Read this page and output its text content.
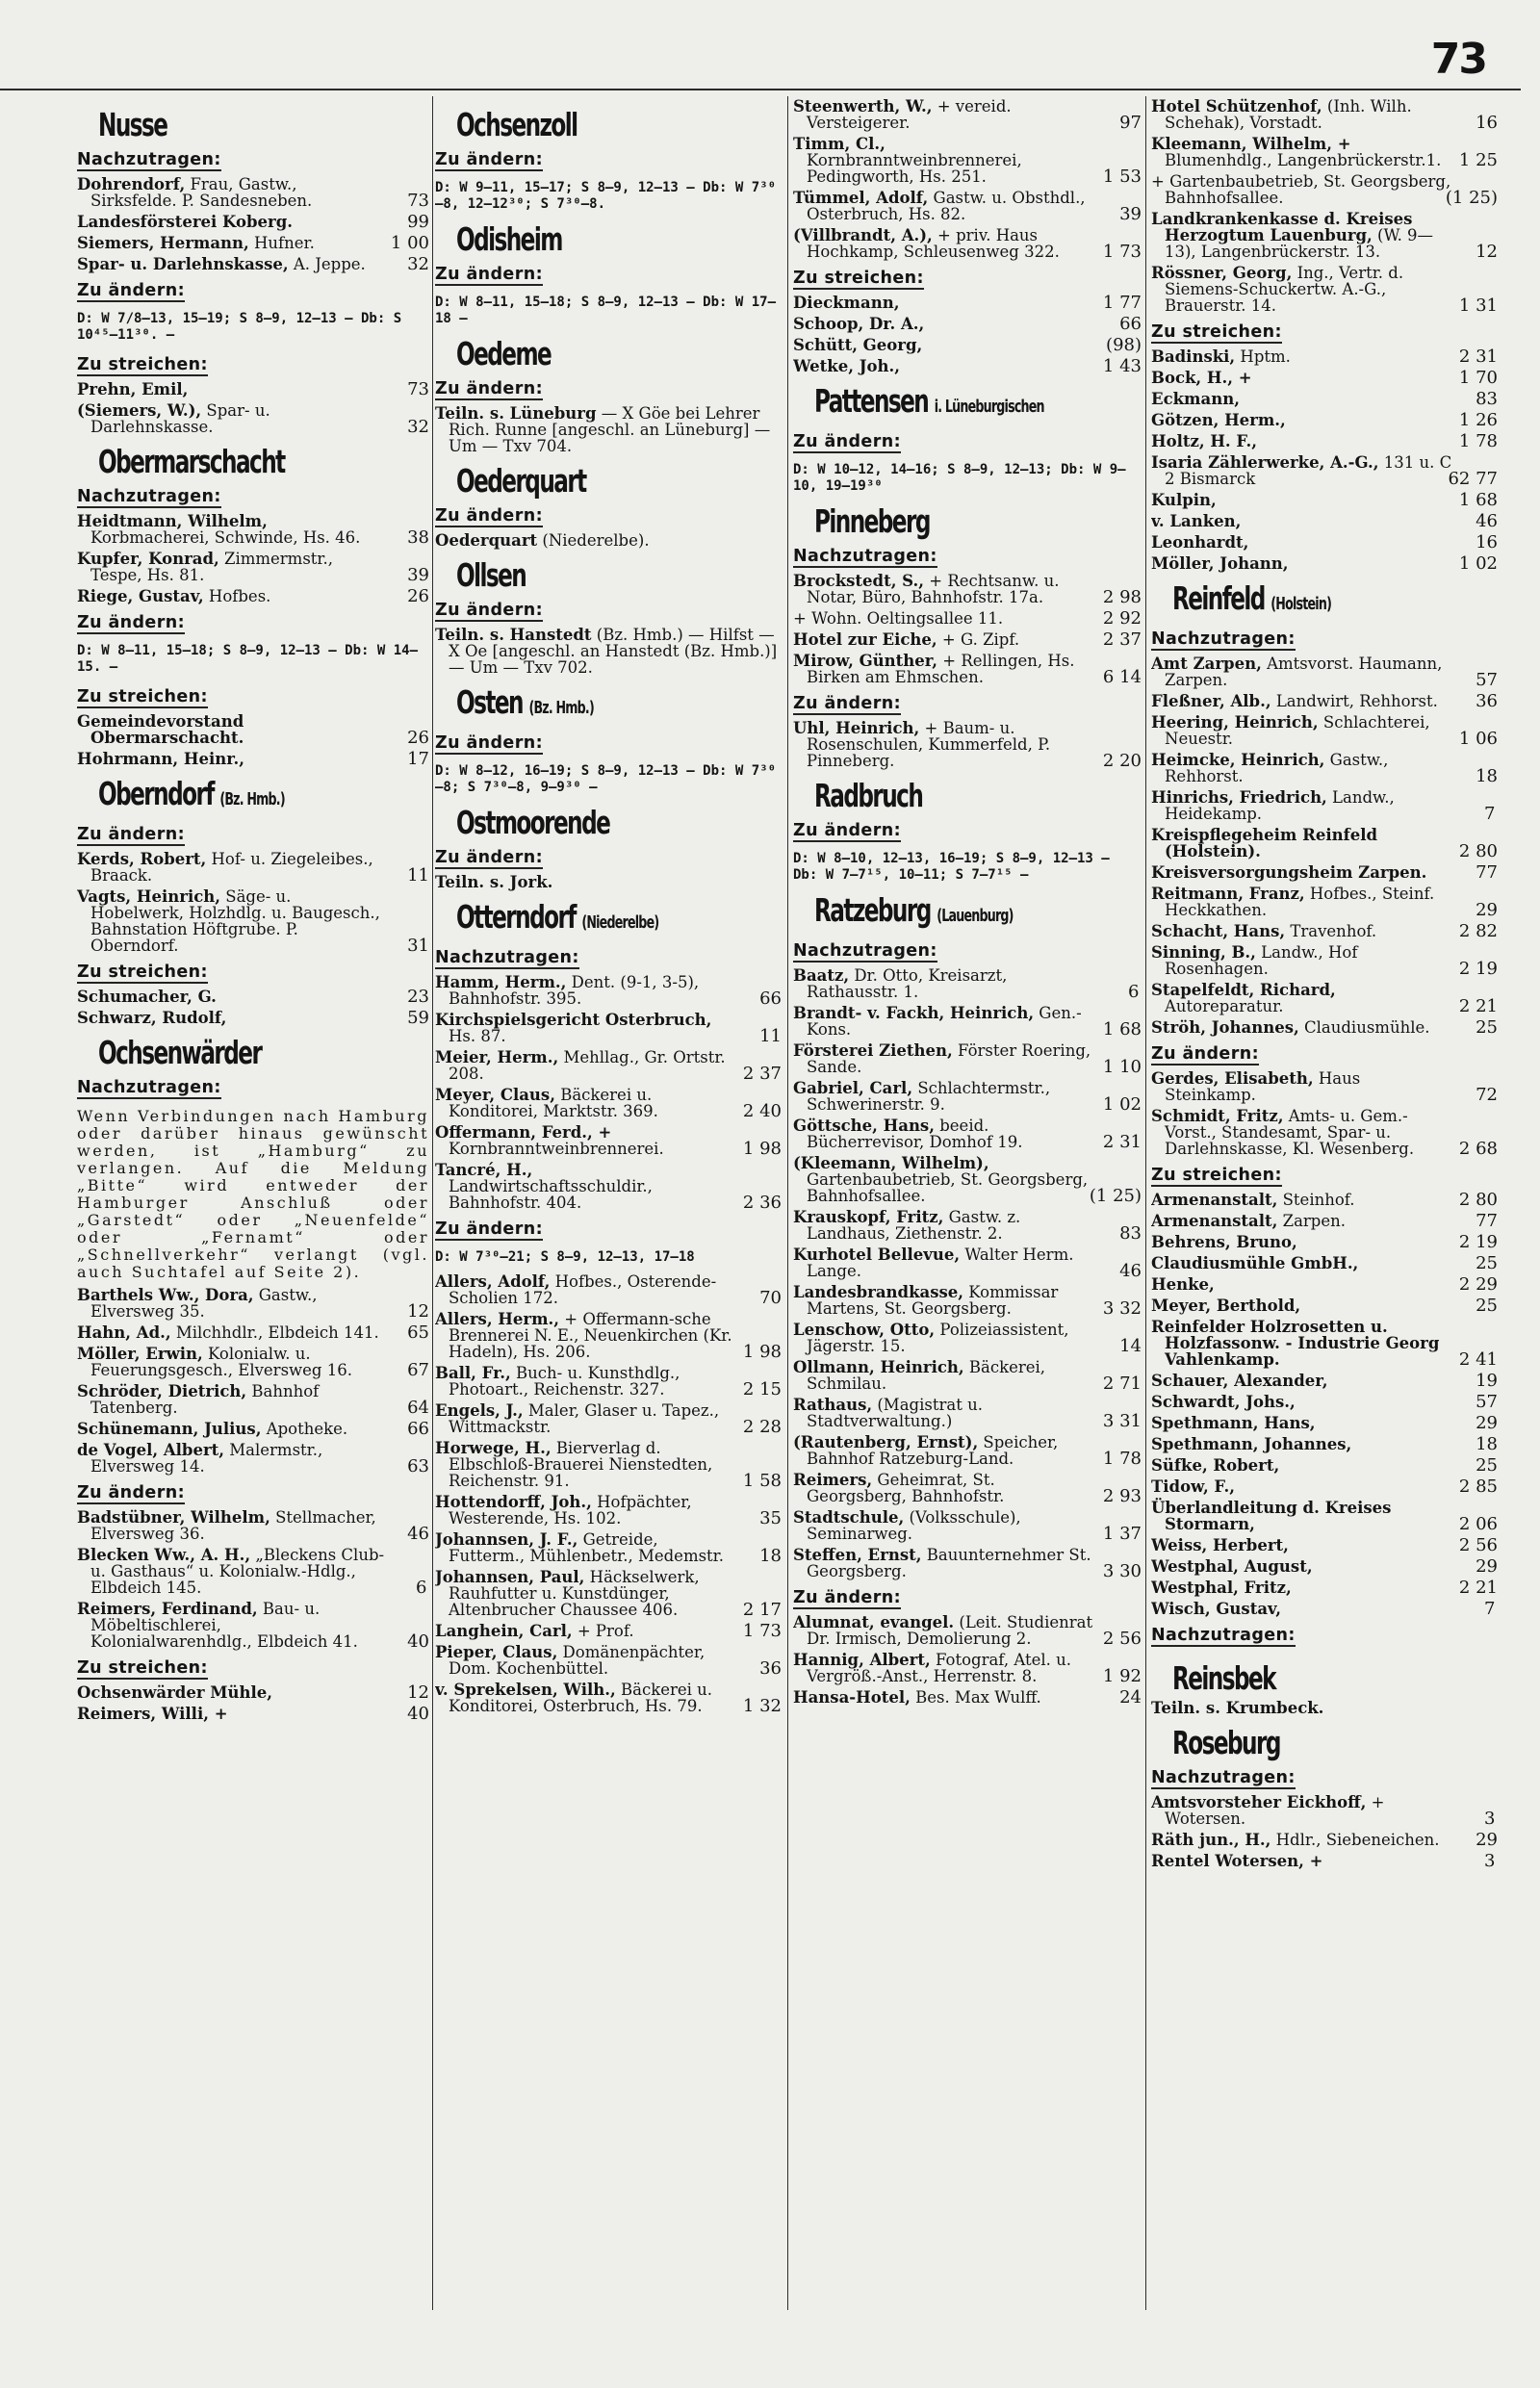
73
Nusse
Nachzutragen:
Dohrendorf, Frau, Gastw., Sirksfelde. P. Sandesneben.	73
Landesförsterei Koberg.	99
Siemers, Hermann, Hufner.	1 00
Spar- u. Darlehnskasse, A. Jeppe. 32
Zu ändern:
D: W 7/8—13, 15—19; S 8—9, 12—13 — Db: S 10⁴⁵—11³⁰. —
Zu streichen:
Prehn, Emil,	73
(Siemers, W.), Spar- u. Darlehnskasse.	32
Obermarschacht
Nachzutragen:
Heidtmann, Wilhelm, Korbmacherei, Schwinde, Hs. 46.	38
Kupfer, Konrad, Zimmermstr., Tespe, Hs. 81.	39
Riege, Gustav, Hofbes.	26
Zu ändern:
D: W 8—11, 15—18; S 8—9, 12—13 — Db: W 14—15. —
Zu streichen:
Gemeindevorstand Obermarschacht.	26
Hohrmann, Heinr.,	17
Oberndorf (Bz. Hmb.)
Zu ändern:
Kerds, Robert, Hof- u. Ziegeleibes., Braack.	11
Vagts, Heinrich, Säge- u. Hobelwerk, Holzhdlg. u. Baugesch., Bahnstation Höftgrube. P. Oberndorf.	31
Zu streichen:
Schumacher, G.	23
Schwarz, Rudolf,	59
Ochsenwärder
Nachzutragen:
Wenn Verbindungen nach Hamburg oder darüber hinaus gewünscht werden, ist „Hamburg“ zu verlangen. Auf die Meldung „Bitte“ wird entweder der Hamburger Anschluß oder „Garstedt“ oder „Neuenfelde“ oder „Fernamt“ oder „Schnellverkehr“ verlangt (vgl. auch Suchtafel auf Seite 2).
Barthels Ww., Dora, Gastw., Elversweg 35.	12
Hahn, Ad., Milchhdlr., Elbdeich 141. 65
Möller, Erwin, Kolonialw. u. Feuerungsgesch., Elversweg 16.	67
Schröder, Dietrich, Bahnhof Tatenberg.	64
Schünemann, Julius, Apotheke.	66
de Vogel, Albert, Malermstr., Elversweg 14.	63
Zu ändern:
Badstübner, Wilhelm, Stellmacher, Elversweg 36.	46
Blecken Ww., A. H., „Bleckens Club- u. Gasthaus“ u. Kolonialw.-Hdlg., Elbdeich 145.	6
Reimers, Ferdinand, Bau- u. Möbeltischlerei, Kolonialwarenhdlg., Elbdeich 41.	40
Zu streichen:
Ochsenwärder Mühle,	12
Reimers, Willi, +	40
Ochsenzoll
Zu ändern:
D: W 9—11, 15—17; S 8—9, 12—13 — Db: W 7³⁰—8, 12—12³⁰; S 7³⁰—8.
Odisheim
Zu ändern:
D: W 8—11, 15—18; S 8—9, 12—13 — Db: W 17—18 —
Oedeme
Zu ändern:
Teiln. s. Lüneburg — X Göe bei Lehrer Rich. Runne [angeschl. an Lüneburg] — Um — Txv 704.
Oederquart
Zu ändern:
Oederquart (Niederelbe).
Ollsen
Zu ändern:
Teiln. s. Hanstedt (Bz. Hmb.) — Hilfst — X Oe [angeschl. an Hanstedt (Bz. Hmb.)] — Um — Txv 702.
Osten (Bz. Hmb.)
Zu ändern:
D: W 8—12, 16—19; S 8—9, 12—13 — Db: W 7³⁰—8; S 7³⁰—8, 9—9³⁰ —
Ostmoorende
Zu ändern:
Teiln. s. Jork.
Otterndorf (Niederelbe)
Nachzutragen:
Hamm, Herm., Dent. (9-1, 3-5), Bahnhofstr. 395.	66
Kirchspielsgericht Osterbruch, Hs. 87.	11
Meier, Herm., Mehllag., Gr. Ortstr. 208.	2 37
Meyer, Claus, Bäckerei u. Konditorei, Marktstr. 369.	2 40
Offermann, Ferd., + Kornbranntweinbrennerei.	1 98
Tancré, H., Landwirtschaftsschuldir., Bahnhofstr. 404.	2 36
Zu ändern:
D: W 7³⁰—21; S 8—9, 12—13, 17—18
Allers, Adolf, Hofbes., Osterende-Scholien 172.	70
Allers, Herm., + Offermann-sche Brennerei N. E., Neuenkirchen (Kr. Hadeln), Hs. 206.	1 98
Ball, Fr., Buch- u. Kunsthdlg., Photoart., Reichenstr. 327.	2 15
Engels, J., Maler, Glaser u. Tapez., Wittmackstr.	2 28
Horwege, H., Bierverlag d. Elbschloß-Brauerei Nienstedten, Reichenstr. 91.	1 58
Hottendorff, Joh., Hofpächter, Westerende, Hs. 102.	35
Johannsen, J. F., Getreide, Futterm., Mühlenbetr., Medemstr. 18
Johannsen, Paul, Häckselwerk, Rauhfutter u. Kunstdünger, Altenbrucher Chaussee 406.	2 17
Langhein, Carl, + Prof.	1 73
Pieper, Claus, Domänenpächter, Dom. Kochenbüttel.	36
v. Sprekelsen, Wilh., Bäckerei u. Konditorei, Osterbruch, Hs. 79. 1 32
Steenwerth, W., + vereid. Versteigerer.	97
Timm, Cl., Kornbranntweinbrennerei, Pedingworth, Hs. 251.	1 53
Tümmel, Adolf, Gastw. u. Obsthdl., Osterbruch, Hs. 82.	39
(Villbrandt, A.), + priv. Haus Hochkamp, Schleusenweg 322.	1 73
Zu streichen:
Dieckmann,	1 77
Schoop, Dr. A.,	66
Schütt, Georg,	(98)
Wetke, Joh.,	1 43
Pattensen i. Lüneburgischen
Zu ändern:
D: W 10—12, 14—16; S 8—9, 12—13; Db: W 9—10, 19—19³⁰
Pinneberg
Nachzutragen:
Brockstedt, S., + Rechtsanw. u. Notar, Büro, Bahnhofstr. 17a.	2 98
+ Wohn. Oeltingsallee 11.	2 92
Hotel zur Eiche, + G. Zipf.	2 37
Mirow, Günther, + Rellingen, Hs. Birken am Ehmschen.	6 14
Zu ändern:
Uhl, Heinrich, + Baum- u. Rosenschulen, Kummerfeld, P. Pinneberg.	2 20
Radbruch
Zu ändern:
D: W 8—10, 12—13, 16—19; S 8—9, 12—13 — Db: W 7—7¹⁵, 10—11; S 7—7¹⁵ —
Ratzeburg (Lauenburg)
Nachzutragen:
Baatz, Dr. Otto, Kreisarzt, Rathausstr. 1.	6
Brandt- v. Fackh, Heinrich, Gen.-Kons.	1 68
Försterei Ziethen, Förster Roering, Sande.	1 10
Gabriel, Carl, Schlachtermstr., Schwerinerstr. 9.	1 02
Göttsche, Hans, beeid. Bücherrevisor, Domhof 19.	2 31
(Kleemann, Wilhelm), Gartenbaubetrieb, St. Georgsberg, Bahnhofsallee.	(1 25)
Krauskopf, Fritz, Gastw. z. Landhaus, Ziethenstr. 2.	83
Kurhotel Bellevue, Walter Herm. Lange.	46
Landesbrandkasse, Kommissar Martens, St. Georgsberg.	3 32
Lenschow, Otto, Polizeiassistent, Jägerstr. 15.	14
Ollmann, Heinrich, Bäckerei, Schmilau.	2 71
Rathaus, (Magistrat u. Stadtverwaltung.)	3 31
(Rautenberg, Ernst), Speicher, Bahnhof Ratzeburg-Land.	1 78
Reimers, Geheimrat, St. Georgsberg, Bahnhofstr.	2 93
Stadtschule, (Volksschule), Seminarweg.	1 37
Steffen, Ernst, Bauunternehmer St. Georgsberg.	3 30
Zu ändern:
Alumnat, evangel. (Leit. Studienrat Dr. Irmisch, Demolierung 2.	2 56
Hannig, Albert, Fotograf, Atel. u. Vergröß.-Anst., Herrenstr. 8.	1 92
Hansa-Hotel, Bes. Max Wulff.	24
Hotel Schützenhof, (Inh. Wilh. Schehak), Vorstadt.	16
Kleemann, Wilhelm, + Blumenhdlg., Langenbrückerstr.1. 1 25
+ Gartenbaubetrieb, St. Georgsberg, Bahnhofsallee.	(1 25)
Landkrankenkasse d. Kreises Herzogtum Lauenburg, (W. 9—13), Langenbrückerstr. 13.	12
Rössner, Georg, Ing., Vertr. d. Siemens-Schuckertw. A.-G., Brauerstr. 14.	1 31
Zu streichen:
Badinski, Hptm.	2 31
Bock, H., +	1 70
Eckmann,	83
Götzen, Herm.,	1 26
Holtz, H. F.,	1 78
Isaria Zählerwerke, A.-G., 131 u. C 2 Bismarck	62 77
Kulpin,	1 68
v. Lanken,	46
Leonhardt,	16
Möller, Johann,	1 02
Reinfeld (Holstein)
Nachzutragen:
Amt Zarpen, Amtsvorst. Haumann, Zarpen.	57
Fleßner, Alb., Landwirt, Rehhorst. 36
Heering, Heinrich, Schlachterei, Neuestr.	1 06
Heimcke, Heinrich, Gastw., Rehhorst.	18
Hinrichs, Friedrich, Landw., Heidekamp.	7
Kreispflegeheim Reinfeld (Holstein).	2 80
Kreisversorgungsheim Zarpen.	77
Reitmann, Franz, Hofbes., Steinf. Heckkathen.	29
Schacht, Hans, Travenhof.	2 82
Sinning, B., Landw., Hof Rosenhagen.	2 19
Stapelfeldt, Richard, Autoreparatur.	2 21
Ströh, Johannes, Claudiusmühle.	25
Zu ändern:
Gerdes, Elisabeth, Haus Steinkamp.	72
Schmidt, Fritz, Amts- u. Gem.-Vorst., Standesamt, Spar- u. Darlehnskasse, Kl. Wesenberg.	2 68
Zu streichen:
Armenanstalt, Steinhof.	2 80
Armenanstalt, Zarpen.	77
Behrens, Bruno,	2 19
Claudiusmühle GmbH.,	25
Henke,	2 29
Meyer, Berthold,	25
Reinfelder Holzrosetten u. Holzfassonw. - Industrie Georg Vahlenkamp.	2 41
Schauer, Alexander,	19
Schwardt, Johs.,	57
Spethmann, Hans,	29
Spethmann, Johannes,	18
Süfke, Robert,	25
Tidow, F.,	2 85
Überlandleitung d. Kreises Stormarn,	2 06
Weiss, Herbert,	2 56
Westphal, August,	29
Westphal, Fritz,	2 21
Wisch, Gustav,	7
Nachzutragen:
Reinsbek
Teiln. s. Krumbeck.
Roseburg
Nachzutragen:
Amtsvorsteher Eickhoff, + Wotersen.	3
Räth jun., H., Hdlr., Siebeneichen. 29
Rentel Wotersen, +	3
